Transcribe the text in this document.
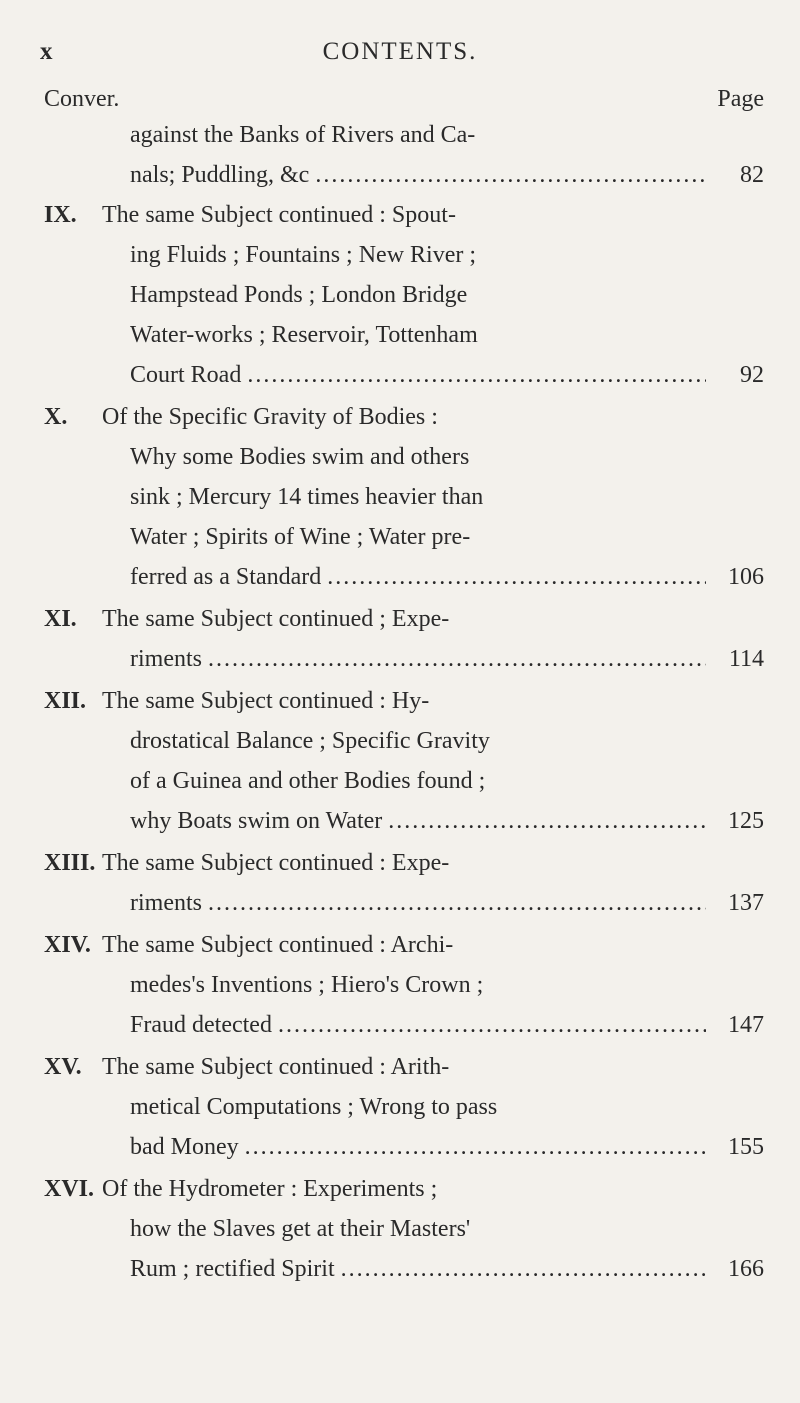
x	CONTENTS.
Conver.	Page
against the Banks of Rivers and Ca-
nals; Puddling, &c . . .	82
IX. The same Subject continued : Spout-
ing Fluids ; Fountains ; New River ;
Hampstead Ponds ; London Bridge
Water-works ; Reservoir, Tottenham
Court Road . . .	92
X. Of the Specific Gravity of Bodies :
Why some Bodies swim and others
sink ; Mercury 14 times heavier than
Water ; Spirits of Wine ; Water pre-
ferred as a Standard . . .	106
XI. The same Subject continued ; Expe-
riments . . .	114
XII. The same Subject continued : Hy-
drostatical Balance ; Specific Gravity
of a Guinea and other Bodies found ;
why Boats swim on Water . . .	125
XIII. The same Subject continued : Expe-
riments . . .	137
XIV. The same Subject continued : Archi-
medes's Inventions ; Hiero's Crown ;
Fraud detected . . .	147
XV. The same Subject continued : Arith-
metical Computations ; Wrong to pass
bad Money . . .	155
XVI. Of the Hydrometer : Experiments ;
how the Slaves get at their Masters'
Rum ; rectified Spirit . . .	166
